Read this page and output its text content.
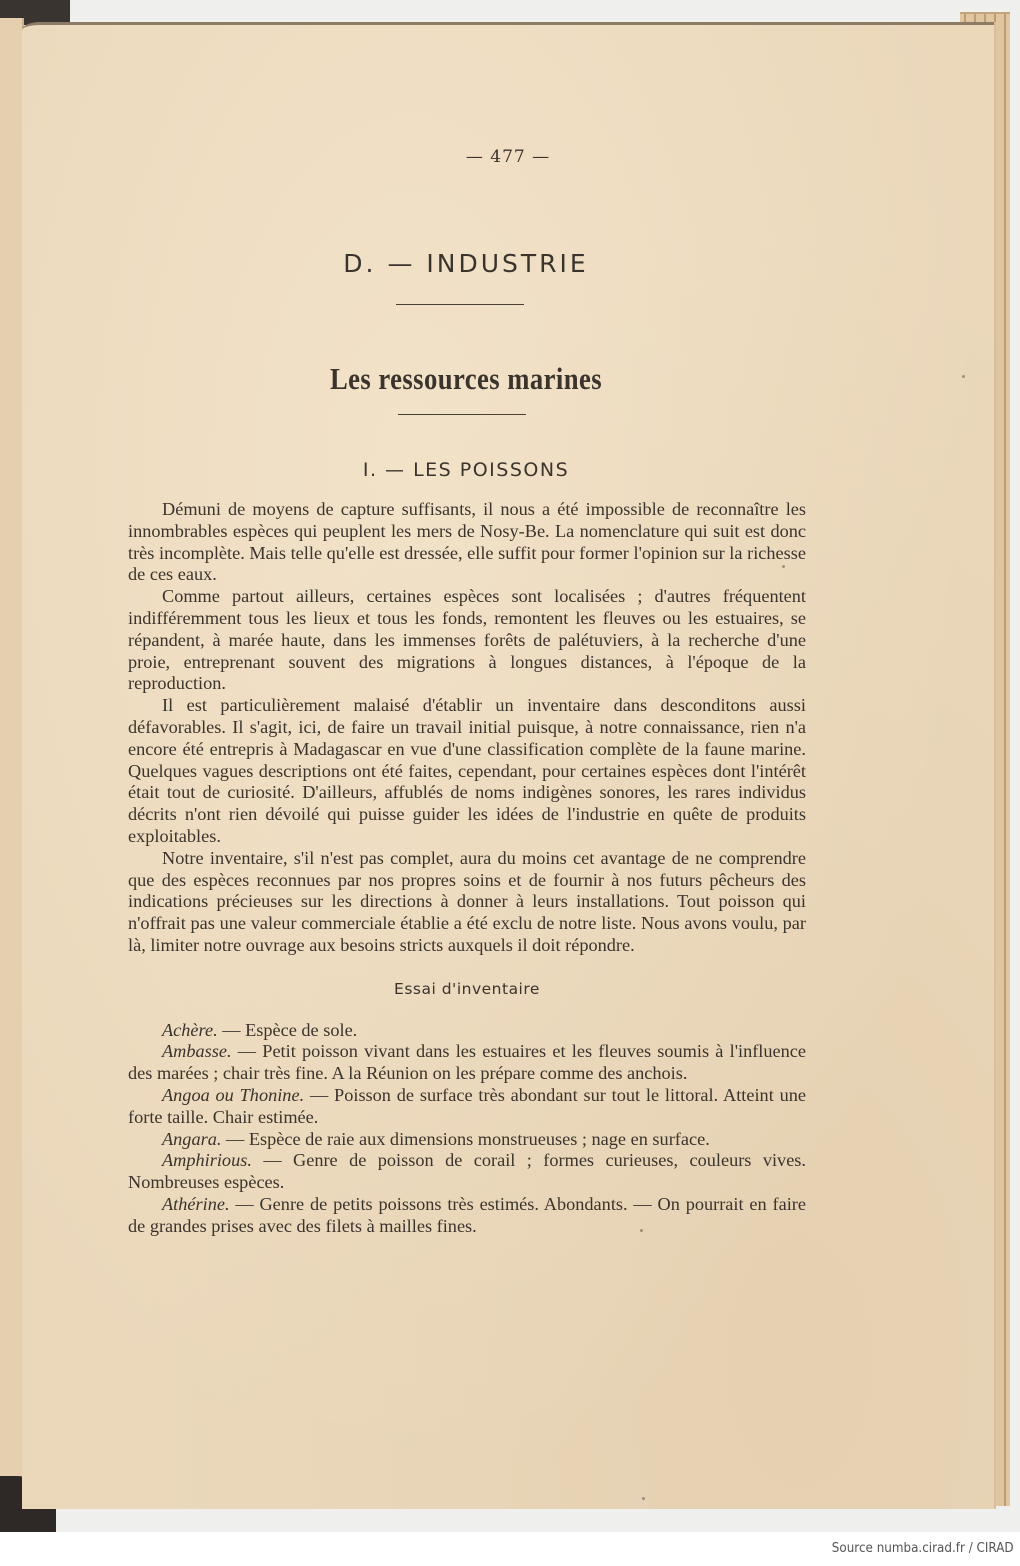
— 477 —
D. — INDUSTRIE
Les ressources marines
I. — LES POISSONS

Démuni de moyens de capture suffisants, il nous a été impossible de reconnaître les innombrables espèces qui peuplent les mers de Nosy-Be. La nomenclature qui suit est donc très incomplète. Mais telle qu'elle est dressée, elle suffit pour former l'opinion sur la richesse de ces eaux.

Comme partout ailleurs, certaines espèces sont localisées ; d'autres fréquentent indifféremment tous les lieux et tous les fonds, remontent les fleuves ou les estuaires, se répandent, à marée haute, dans les immenses forêts de palétuviers, à la recherche d'une proie, entreprenant souvent des migrations à longues distances, à l'époque de la reproduction.

Il est particulièrement malaisé d'établir un inventaire dans desconditons aussi défavorables. Il s'agit, ici, de faire un travail initial puisque, à notre connaissance, rien n'a encore été entrepris à Madagascar en vue d'une classification complète de la faune marine. Quelques vagues descriptions ont été faites, cependant, pour certaines espèces dont l'intérêt était tout de curiosité. D'ailleurs, affublés de noms indigènes sonores, les rares individus décrits n'ont rien dévoilé qui puisse guider les idées de l'industrie en quête de produits exploitables.

Notre inventaire, s'il n'est pas complet, aura du moins cet avantage de ne comprendre que des espèces reconnues par nos propres soins et de fournir à nos futurs pêcheurs des indications précieuses sur les directions à donner à leurs installations. Tout poisson qui n'offrait pas une valeur commerciale établie a été exclu de notre liste. Nous avons voulu, par là, limiter notre ouvrage aux besoins stricts auxquels il doit répondre.

Essai d'inventaire

Achère. — Espèce de sole.

Ambasse. — Petit poisson vivant dans les estuaires et les fleuves soumis à l'influence des marées ; chair très fine. A la Réunion on les prépare comme des anchois.

Angoa ou Thonine. — Poisson de surface très abondant sur tout le littoral. Atteint une forte taille. Chair estimée.

Angara. — Espèce de raie aux dimensions monstrueuses ; nage en surface.

Amphirious. — Genre de poisson de corail ; formes curieuses, couleurs vives. Nombreuses espèces.

Athérine. — Genre de petits poissons très estimés. Abondants. — On pourrait en faire de grandes prises avec des filets à mailles fines.

Source numba.cirad.fr / CIRAD
